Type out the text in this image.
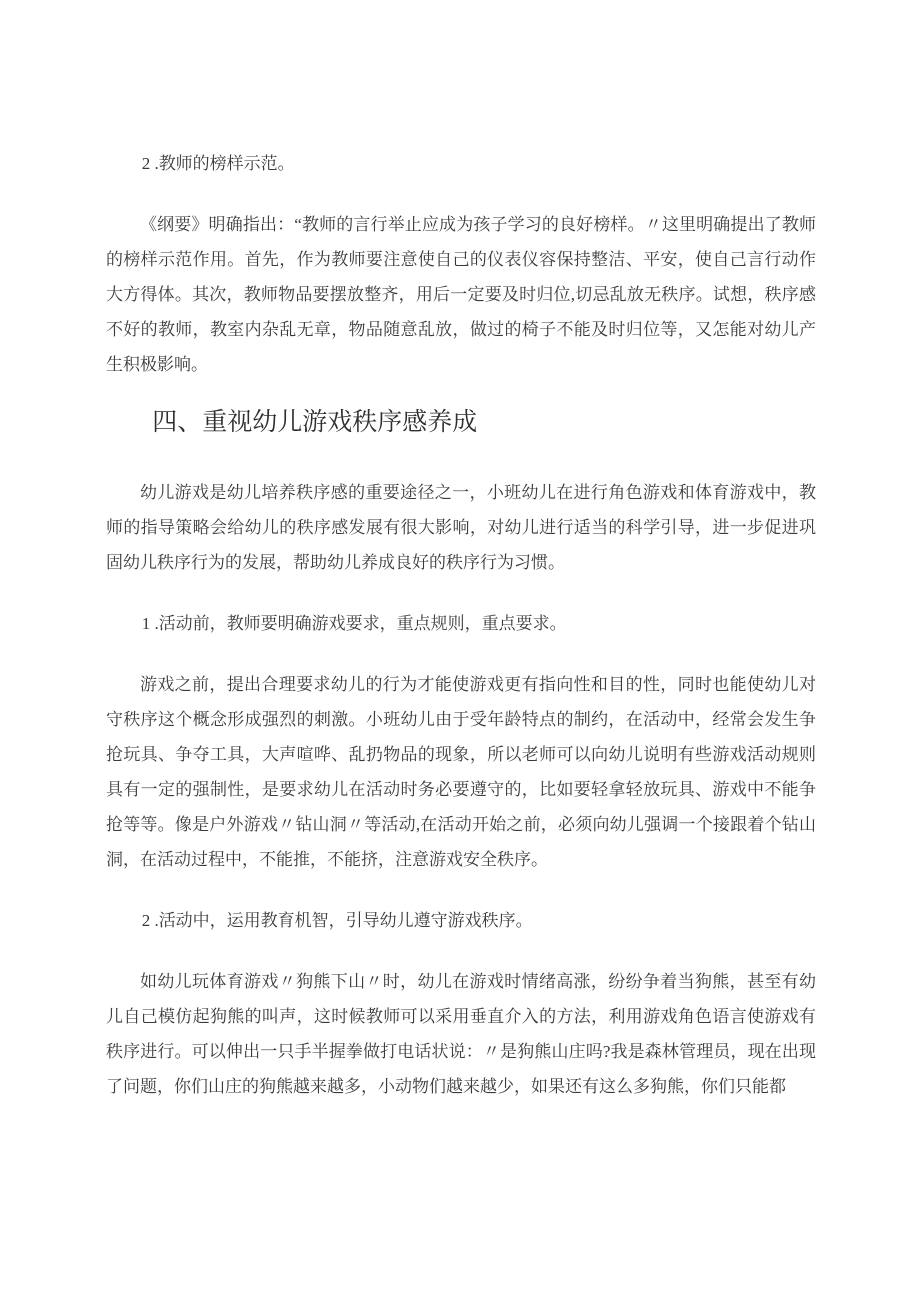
2 .教师的榜样示范。
《纲要》明确指出：“教师的言行举止应成为孩子学习的良好榜样。〃这里明确提出了教师的榜样示范作用。首先，作为教师要注意使自己的仪表仪容保持整洁、平安，使自己言行动作大方得体。其次，教师物品要摆放整齐，用后一定要及时归位,切忌乱放无秩序。试想，秩序感不好的教师，教室内杂乱无章，物品随意乱放，做过的椅子不能及时归位等，又怎能对幼儿产生积极影响。
四、重视幼儿游戏秩序感养成
幼儿游戏是幼儿培养秩序感的重要途径之一，小班幼儿在进行角色游戏和体育游戏中，教师的指导策略会给幼儿的秩序感发展有很大影响，对幼儿进行适当的科学引导，进一步促进巩固幼儿秩序行为的发展，帮助幼儿养成良好的秩序行为习惯。
1 .活动前，教师要明确游戏要求，重点规则，重点要求。
游戏之前，提出合理要求幼儿的行为才能使游戏更有指向性和目的性，同时也能使幼儿对守秩序这个概念形成强烈的刺激。小班幼儿由于受年龄特点的制约，在活动中，经常会发生争抢玩具、争夺工具，大声喧哗、乱扔物品的现象，所以老师可以向幼儿说明有些游戏活动规则具有一定的强制性，是要求幼儿在活动时务必要遵守的，比如要轻拿轻放玩具、游戏中不能争抢等等。像是户外游戏〃钻山洞〃等活动,在活动开始之前，必须向幼儿强调一个接跟着个钻山洞，在活动过程中，不能推，不能挤，注意游戏安全秩序。
2 .活动中，运用教育机智，引导幼儿遵守游戏秩序。
如幼儿玩体育游戏〃狗熊下山〃时，幼儿在游戏时情绪高涨，纷纷争着当狗熊，甚至有幼儿自己模仿起狗熊的叫声，这时候教师可以采用垂直介入的方法，利用游戏角色语言使游戏有秩序进行。可以伸出一只手半握拳做打电话状说：〃是狗熊山庄吗?我是森林管理员，现在出现了问题，你们山庄的狗熊越来越多，小动物们越来越少，如果还有这么多狗熊，你们只能都
